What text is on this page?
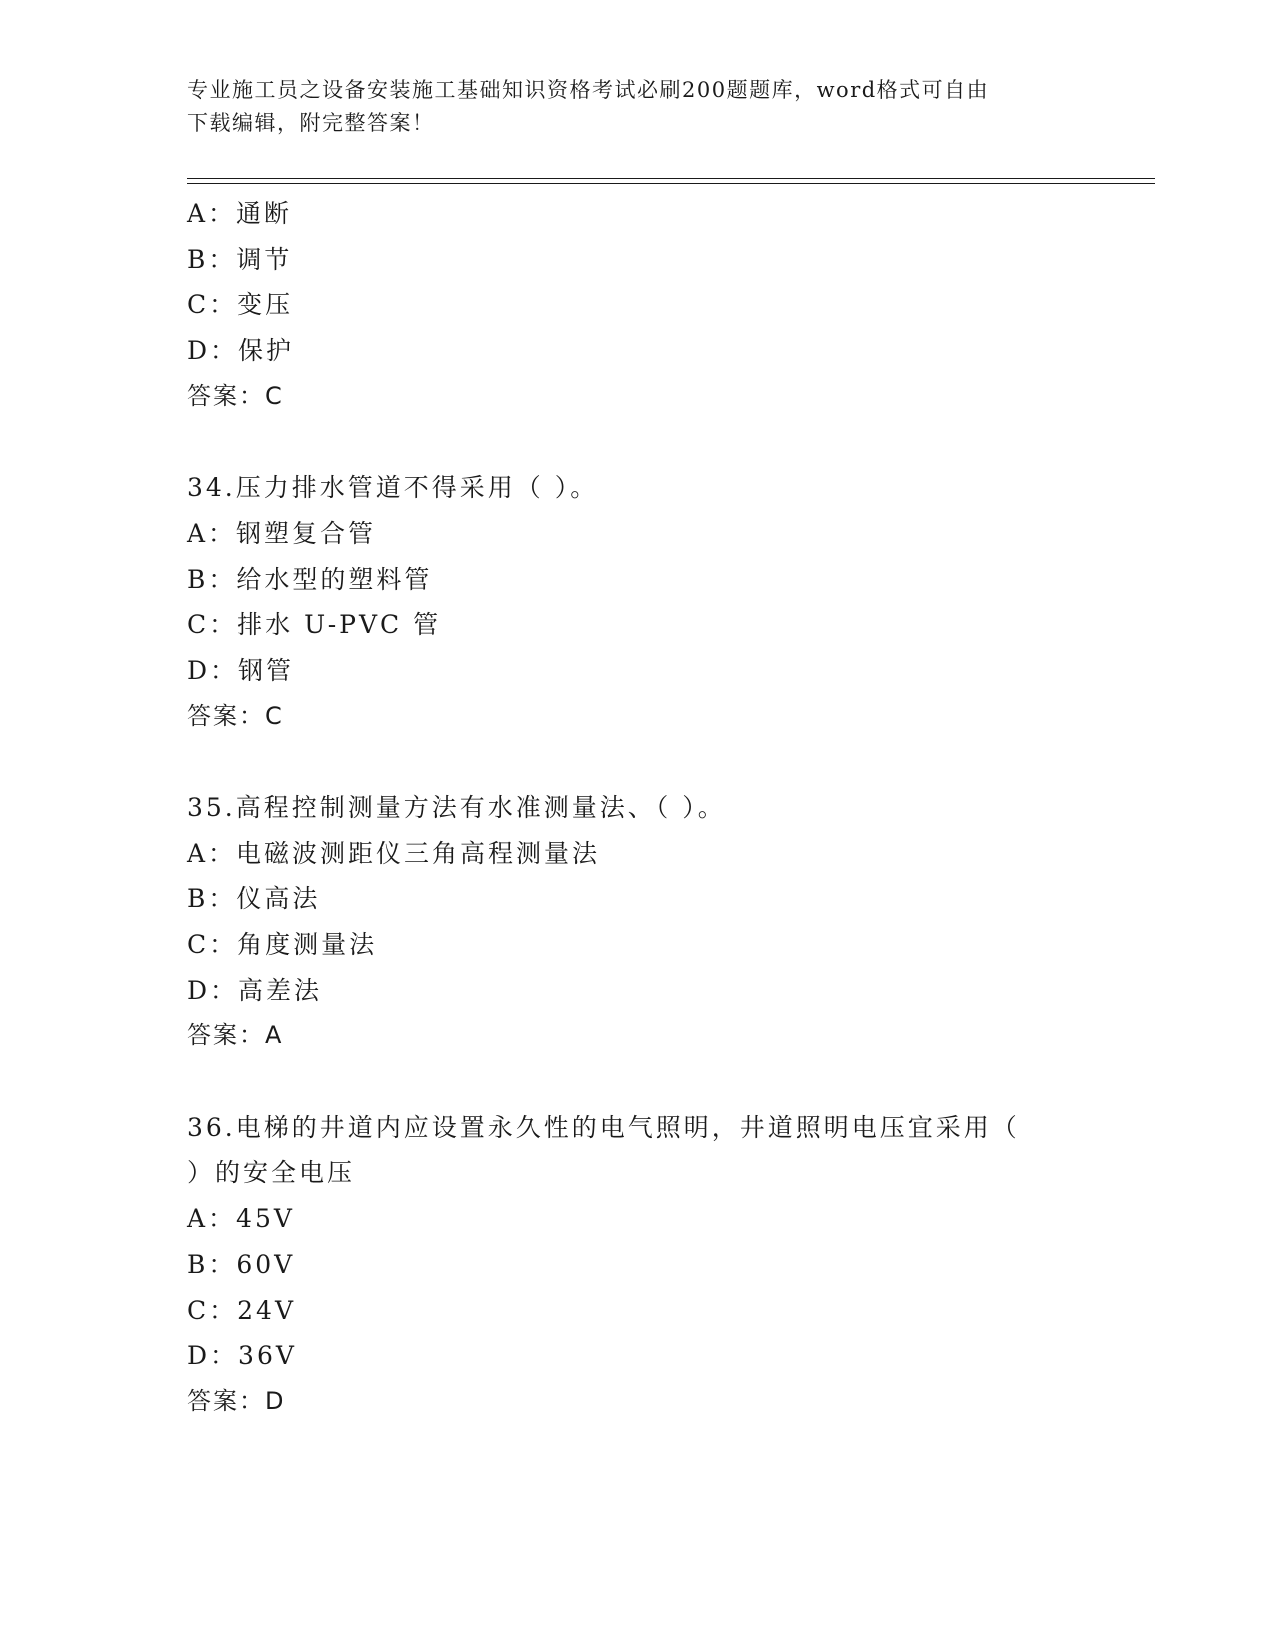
专业施工员之设备安装施工基础知识资格考试必刷200题题库，word格式可自由
下载编辑，附完整答案！
A：通断
B：调节
C：变压
D：保护
答案：C
34.压力排水管道不得采用（ ）。
A：钢塑复合管
B：给水型的塑料管
C：排水 U-PVC 管
D：钢管
答案：C
35.高程控制测量方法有水准测量法、（ ）。
A：电磁波测距仪三角高程测量法
B：仪高法
C：角度测量法
D：高差法
答案：A
36.电梯的井道内应设置永久性的电气照明，井道照明电压宜采用（
）的安全电压
A：45V
B：60V
C：24V
D：36V
答案：D
